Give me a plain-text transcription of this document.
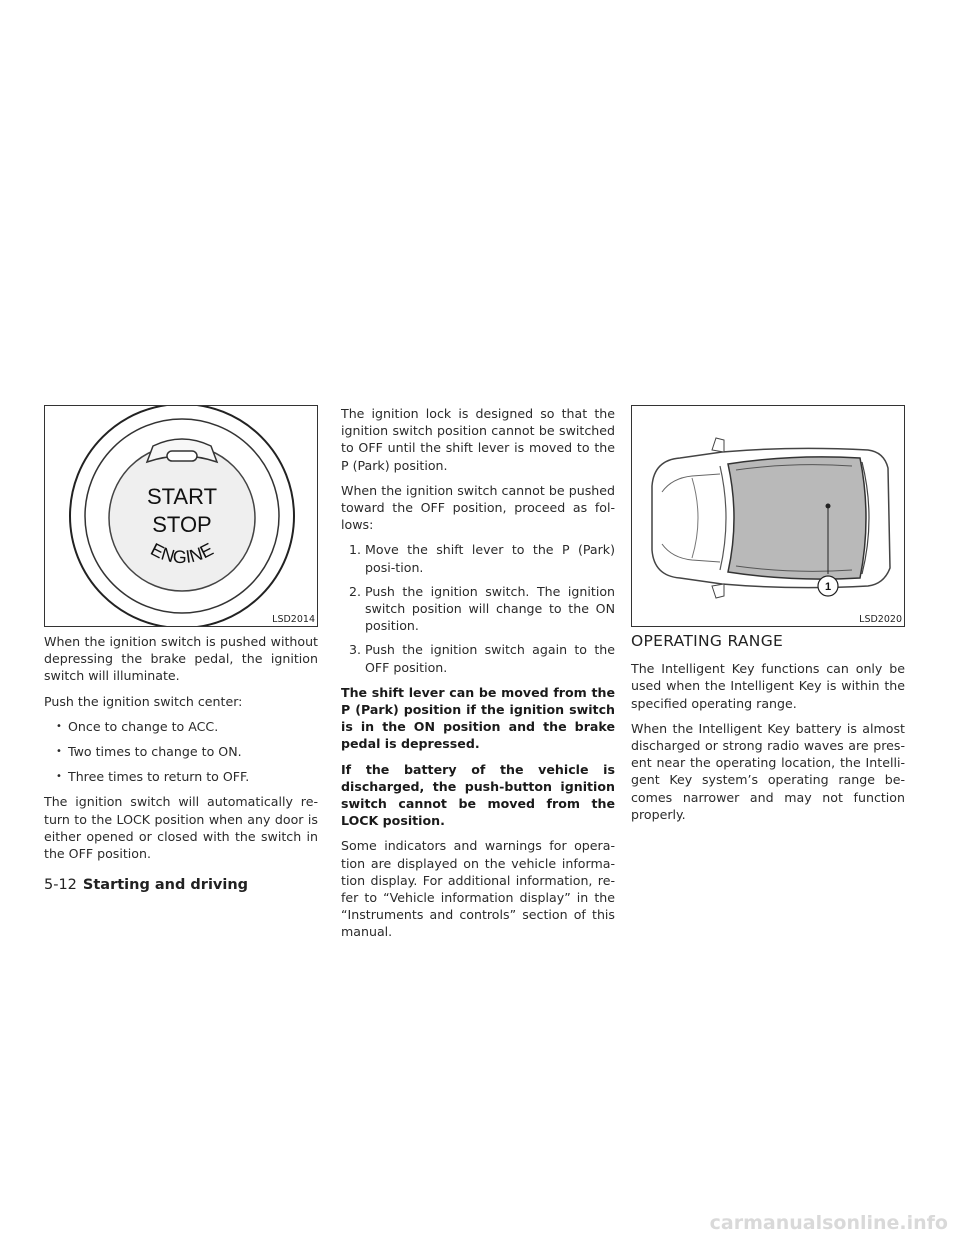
START
STOP
ENGINE
LSD2014

When the ignition switch is pushed without depressing the brake pedal, the ignition switch will illuminate.

Push the ignition switch center:

• Once to change to ACC.
• Two times to change to ON.
• Three times to return to OFF.

The ignition switch will automatically re-turn to the LOCK position when any door is either opened or closed with the switch in the OFF position.

The ignition lock is designed so that the ignition switch position cannot be switched to OFF until the shift lever is moved to the P (Park) position.

When the ignition switch cannot be pushed toward the OFF position, proceed as fol-lows:

1. Move the shift lever to the P (Park) posi-tion.
2. Push the ignition switch. The ignition switch position will change to the ON position.
3. Push the ignition switch again to the OFF position.

The shift lever can be moved from the P (Park) position if the ignition switch is in the ON position and the brake pedal is depressed.

If the battery of the vehicle is discharged, the push-button ignition switch cannot be moved from the LOCK position.

Some indicators and warnings for opera-tion are displayed on the vehicle informa-tion display. For additional information, re-fer to “Vehicle information display” in the “Instruments and controls” section of this manual.

1
LSD2020
OPERATING RANGE

The Intelligent Key functions can only be used when the Intelligent Key is within the specified operating range.

When the Intelligent Key battery is almost discharged or strong radio waves are pres-ent near the operating location, the Intelli-gent Key system’s operating range be-comes narrower and may not function properly.

5-12 Starting and driving
carmanualsonline.info
